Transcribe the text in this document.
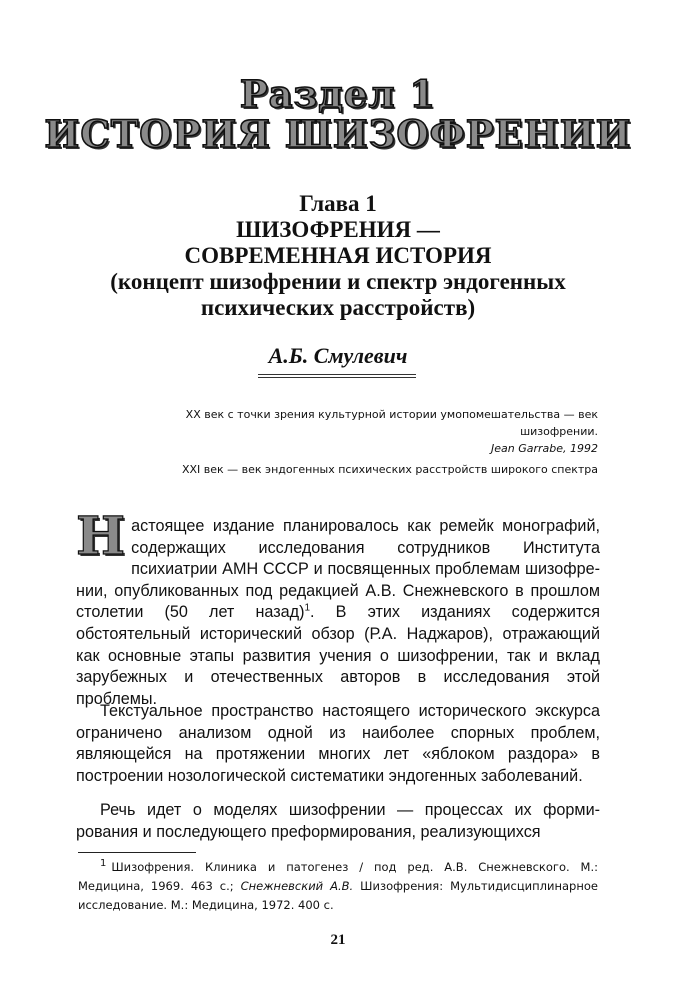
Раздел 1
ИСТОРИЯ ШИЗОФРЕНИИ
Глава 1
ШИЗОФРЕНИЯ —
СОВРЕМЕННАЯ ИСТОРИЯ
(концепт шизофрении и спектр эндогенных
психических расстройств)
А.Б. Смулевич
XX век с точки зрения культурной истории умопомешательства — век шизофрении.
Jean Garrabe, 1992
XXI век — век эндогенных психических расстройств широкого спектра
Настоящее издание планировалось как ремейк монографий, содержащих исследования сотрудников Института психиатрии АМН СССР и посвященных проблемам шизофрении, опубликованных под редакцией А.В. Снежневского в прошлом столетии (50 лет назад)$^1$. В этих изданиях содержится обстоятельный исторический обзор (Р.А. Наджаров), отражающий как основные этапы развития учения о шизофрении, так и вклад зарубежных и отечественных авторов в исследования этой проблемы.
Текстуальное пространство настоящего исторического экскурса ограничено анализом одной из наиболее спорных проблем, являющейся на протяжении многих лет «яблоком раздора» в построении нозологической систематики эндогенных заболеваний.
Речь идет о моделях шизофрении — процессах их формирования и последующего преформирования, реализующихся
1 Шизофрения. Клиника и патогенез / под ред. А.В. Снежневского. М.: Медицина, 1969. 463 с.; Снежневский А.В. Шизофрения: Мультидисциплинарное исследование. М.: Медицина, 1972. 400 с.
21
